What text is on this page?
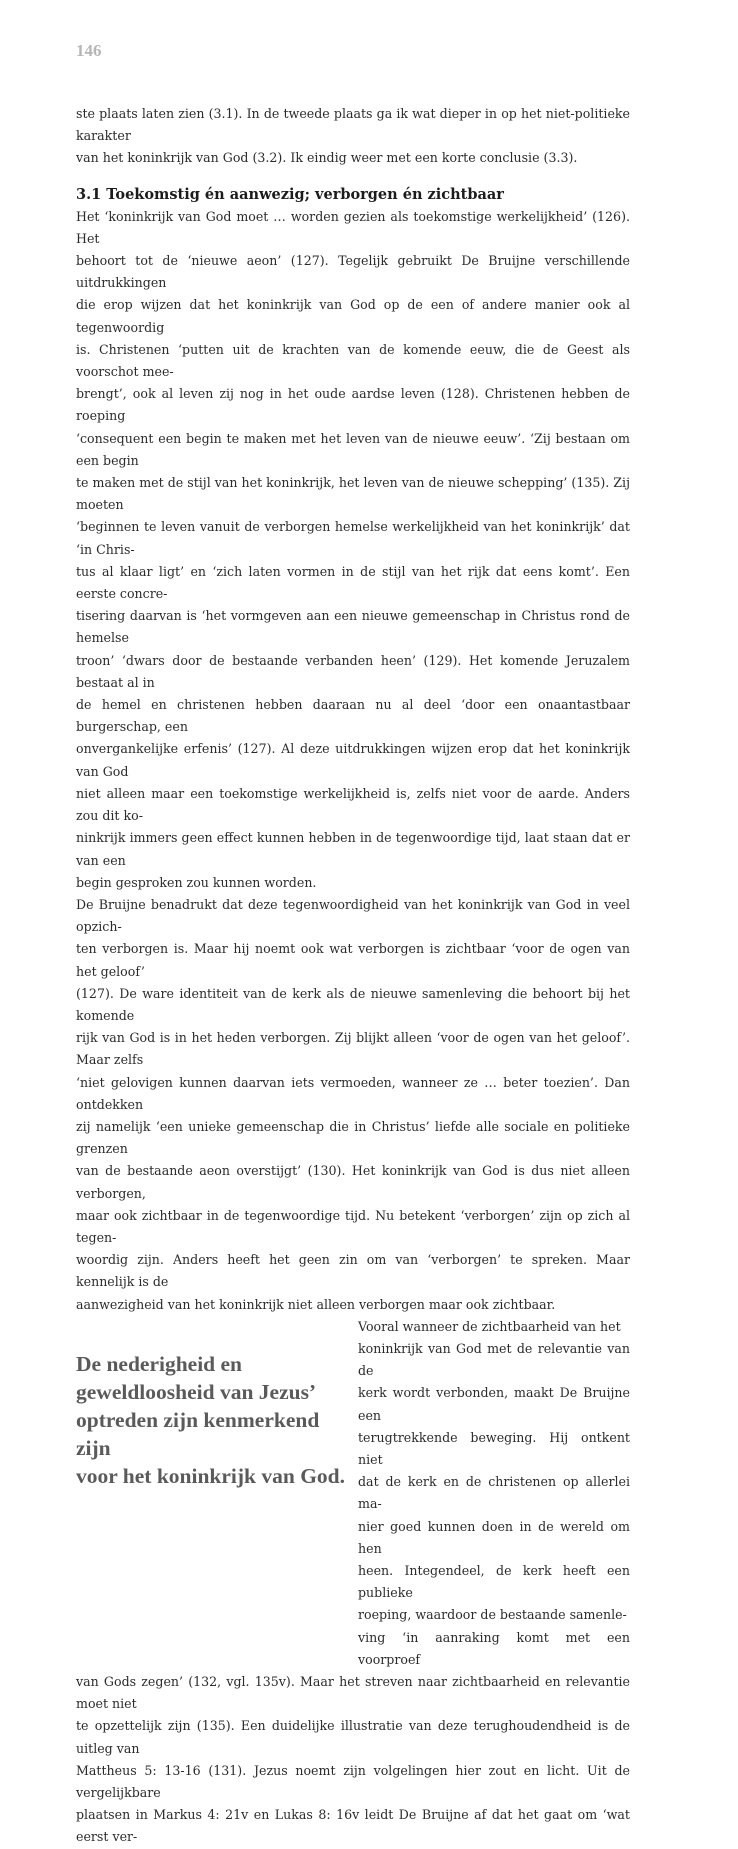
146

ste plaats laten zien (3.1). In de tweede plaats ga ik wat dieper in op het niet-politieke karakter
van het koninkrijk van God (3.2). Ik eindig weer met een korte conclusie (3.3).

3.1 Toekomstig én aanwezig; verborgen én zichtbaar

Het ‘koninkrijk van God moet … worden gezien als toekomstige werkelijkheid’ (126). Het
behoort tot de ‘nieuwe aeon’ (127). Tegelijk gebruikt De Bruijne verschillende uitdrukkingen
die erop wijzen dat het koninkrijk van God op de een of andere manier ook al tegenwoordig
is. Christenen ‘putten uit de krachten van de komende eeuw, die de Geest als voorschot mee-
brengt’, ook al leven zij nog in het oude aardse leven (128). Christenen hebben de roeping
‘consequent een begin te maken met het leven van de nieuwe eeuw’. ‘Zij bestaan om een begin
te maken met de stijl van het koninkrijk, het leven van de nieuwe schepping’ (135). Zij moeten
‘beginnen te leven vanuit de verborgen hemelse werkelijkheid van het koninkrijk’ dat ‘in Chris-
tus al klaar ligt’ en ‘zich laten vormen in de stijl van het rijk dat eens komt’. Een eerste concre-
tisering daarvan is ‘het vormgeven aan een nieuwe gemeenschap in Christus rond de hemelse
troon’ ‘dwars door de bestaande verbanden heen’ (129). Het komende Jeruzalem bestaat al in
de hemel en christenen hebben daaraan nu al deel ‘door een onaantastbaar burgerschap, een
onvergankelijke erfenis’ (127). Al deze uitdrukkingen wijzen erop dat het koninkrijk van God
niet alleen maar een toekomstige werkelijkheid is, zelfs niet voor de aarde. Anders zou dit ko-
ninkrijk immers geen effect kunnen hebben in de tegenwoordige tijd, laat staan dat er van een
begin gesproken zou kunnen worden.

De Bruijne benadrukt dat deze tegenwoordigheid van het koninkrijk van God in veel opzich-
ten verborgen is. Maar hij noemt ook wat verborgen is zichtbaar ‘voor de ogen van het geloof’
(127). De ware identiteit van de kerk als de nieuwe samenleving die behoort bij het komende
rijk van God is in het heden verborgen. Zij blijkt alleen ‘voor de ogen van het geloof’. Maar zelfs
‘niet gelovigen kunnen daarvan iets vermoeden, wanneer ze … beter toezien’. Dan ontdekken
zij namelijk ‘een unieke gemeenschap die in Christus’ liefde alle sociale en politieke grenzen
van de bestaande aeon overstijgt’ (130). Het koninkrijk van God is dus niet alleen verborgen,
maar ook zichtbaar in de tegenwoordige tijd. Nu betekent ‘verborgen’ zijn op zich al tegen-
woordig zijn. Anders heeft het geen zin om van ‘verborgen’ te spreken. Maar kennelijk is de
aanwezigheid van het koninkrijk niet alleen verborgen maar ook zichtbaar.

De nederigheid en
geweldloosheid van Jezus’
optreden zijn kenmerkend zijn
voor het koninkrijk van God.

Vooral wanneer de zichtbaarheid van het
koninkrijk van God met de relevantie van de
kerk wordt verbonden, maakt De Bruijne een
terugtrekkende beweging. Hij ontkent niet
dat de kerk en de christenen op allerlei ma-
nier goed kunnen doen in de wereld om hen
heen. Integendeel, de kerk heeft een publieke
roeping, waardoor de bestaande samenle-
ving ‘in aanraking komt met een voorproef

van Gods zegen’ (132, vgl. 135v). Maar het streven naar zichtbaarheid en relevantie moet niet
te opzettelijk zijn (135). Een duidelijke illustratie van deze terughoudendheid is de uitleg van
Mattheus 5: 13-16 (131). Jezus noemt zijn volgelingen hier zout en licht. Uit de vergelijkbare
plaatsen in Markus 4: 21v en Lukas 8: 16v leidt De Bruijne af dat het gaat om ‘wat eerst ver-
